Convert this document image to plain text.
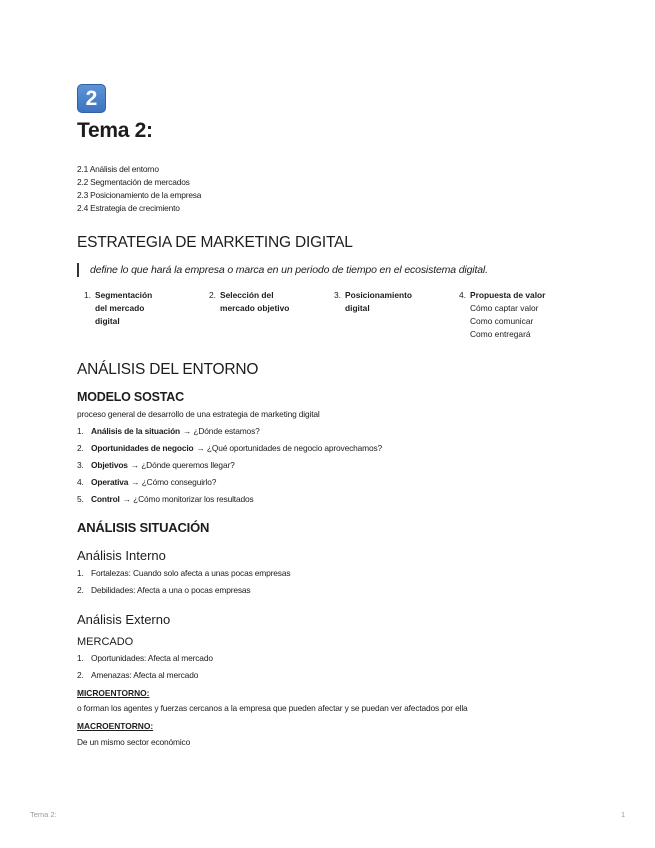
2
Tema 2:
2.1 Análisis del entorno
2.2 Segmentación de mercados
2.3 Posicionamiento de la empresa
2.4 Estrategia de crecimiento
ESTRATEGIA DE MARKETING DIGITAL
define lo que hará la empresa o marca en un periodo de tiempo en el ecosistema digital.
1. Segmentación del mercado digital
2. Selección del mercado objetivo
3. Posicionamiento digital
4. Propuesta de valor
Cómo captar valor
Como comunicar
Como entregará
ANÁLISIS DEL ENTORNO
MODELO SOSTAC
proceso general de desarrollo de una estrategia de marketing digital
1. Análisis de la situación → ¿Dónde estamos?
2. Oportunidades de negocio → ¿Qué oportunidades de negocio aprovechamos?
3. Objetivos → ¿Dónde queremos llegar?
4. Operativa → ¿Cómo conseguirlo?
5. Control → ¿Cómo monitorizar los resultados
ANÁLISIS SITUACIÓN
Análisis Interno
1. Fortalezas: Cuando solo afecta a unas pocas empresas
2. Debilidades: Afecta a una o pocas empresas
Análisis Externo
MERCADO
1. Oportunidades: Afecta al mercado
2. Amenazas: Afecta al mercado
MICROENTORNO:
o forman los agentes y fuerzas cercanos a la empresa que pueden afectar y se puedan ver afectados por ella
MACROENTORNO:
De un mismo sector económico
Tema 2:	1
